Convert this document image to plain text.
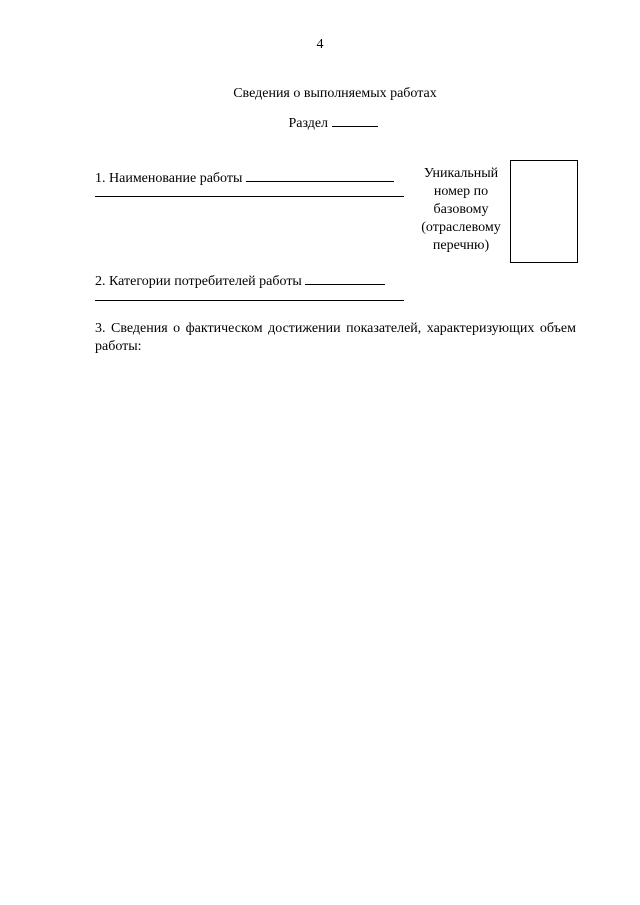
4
Сведения о выполняемых работах
Раздел
1. Наименование работы	Уникальный
номер по
базовому
(отраслевому
перечню)
2. Категории потребителей работы
3. Сведения о фактическом достижении показателей, характеризующих объем работы:
